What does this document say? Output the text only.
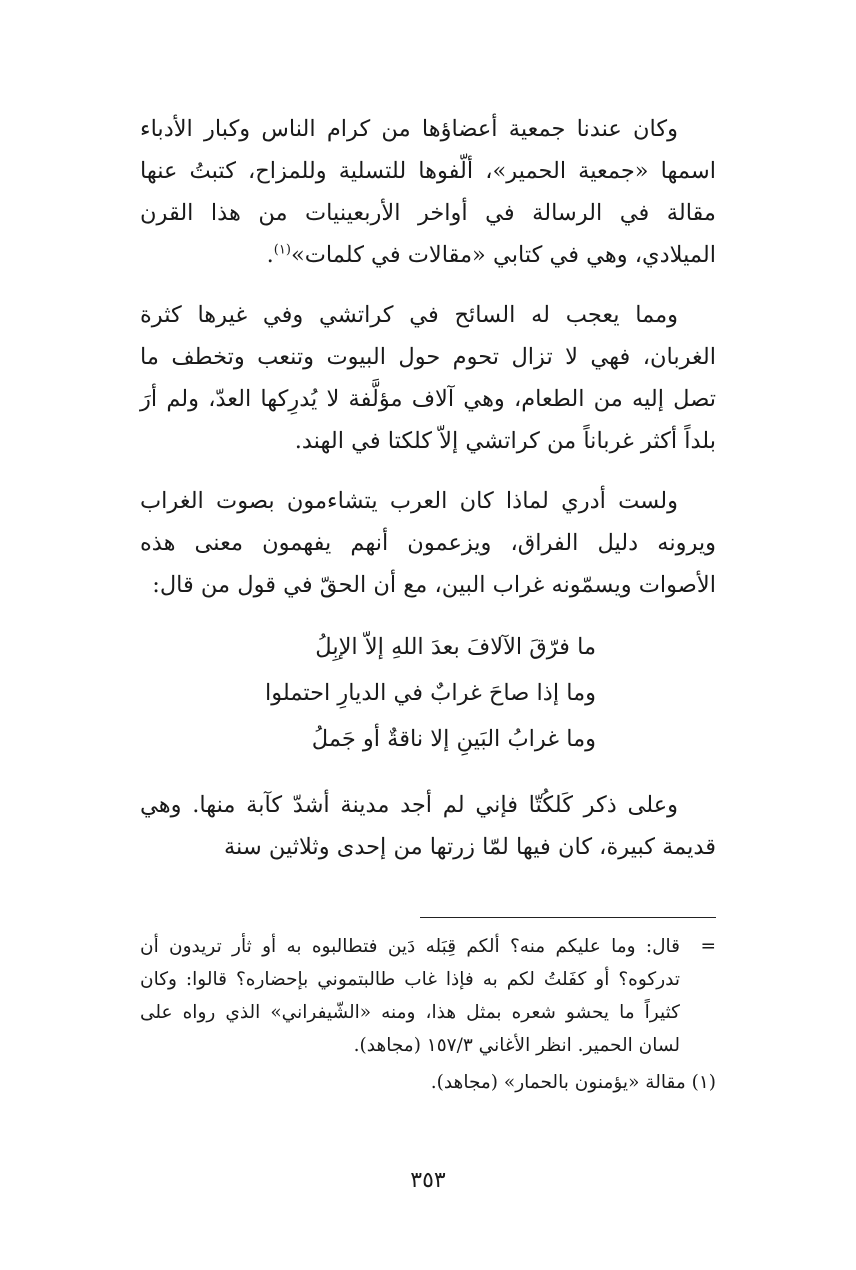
وكان عندنا جمعية أعضاؤها من كرام الناس وكبار الأدباء اسمها «جمعية الحمير»، ألّفوها للتسلية وللمزاح، كتبتُ عنها مقالة في الرسالة في أواخر الأربعينيات من هذا القرن الميلادي، وهي في كتابي «مقالات في كلمات»$^{(١)}$.

ومما يعجب له السائح في كراتشي وفي غيرها كثرة الغربان، فهي لا تزال تحوم حول البيوت وتنعب وتخطف ما تصل إليه من الطعام، وهي آلاف مؤلَّفة لا يُدرِكها العدّ، ولم أرَ بلداً أكثر غرباناً من كراتشي إلاّ كلكتا في الهند.

ولست أدري لماذا كان العرب يتشاءمون بصوت الغراب ويرونه دليل الفراق، ويزعمون أنهم يفهمون معنى هذه الأصوات ويسمّونه غراب البين، مع أن الحقّ في قول من قال:

ما فرّقَ الآلافَ بعدَ اللهِ إلاّ الإبِلُ
وما إذا صاحَ غرابٌ في الديارِ احتملوا
وما غرابُ البَينِ إلا ناقةٌ أو جَملُ

وعلى ذكر كَلكُتّا فإني لم أجد مدينة أشدّ كآبة منها. وهي قديمة كبيرة، كان فيها لمّا زرتها من إحدى وثلاثين سنة

=قال: وما عليكم منه؟ ألكم قِبَله دَين فتطالبوه به أو ثأر تريدون أن تدركوه؟ أو كفَلتُ لكم به فإذا غاب طالبتموني بإحضاره؟ قالوا: وكان كثيراً ما يحشو شعره بمثل هذا، ومنه «الشّيفراني» الذي رواه على لسان الحمير. انظر الأغاني ١٥٧/٣ (مجاهد).

(١) مقالة «يؤمنون بالحمار» (مجاهد).

٣٥٣
